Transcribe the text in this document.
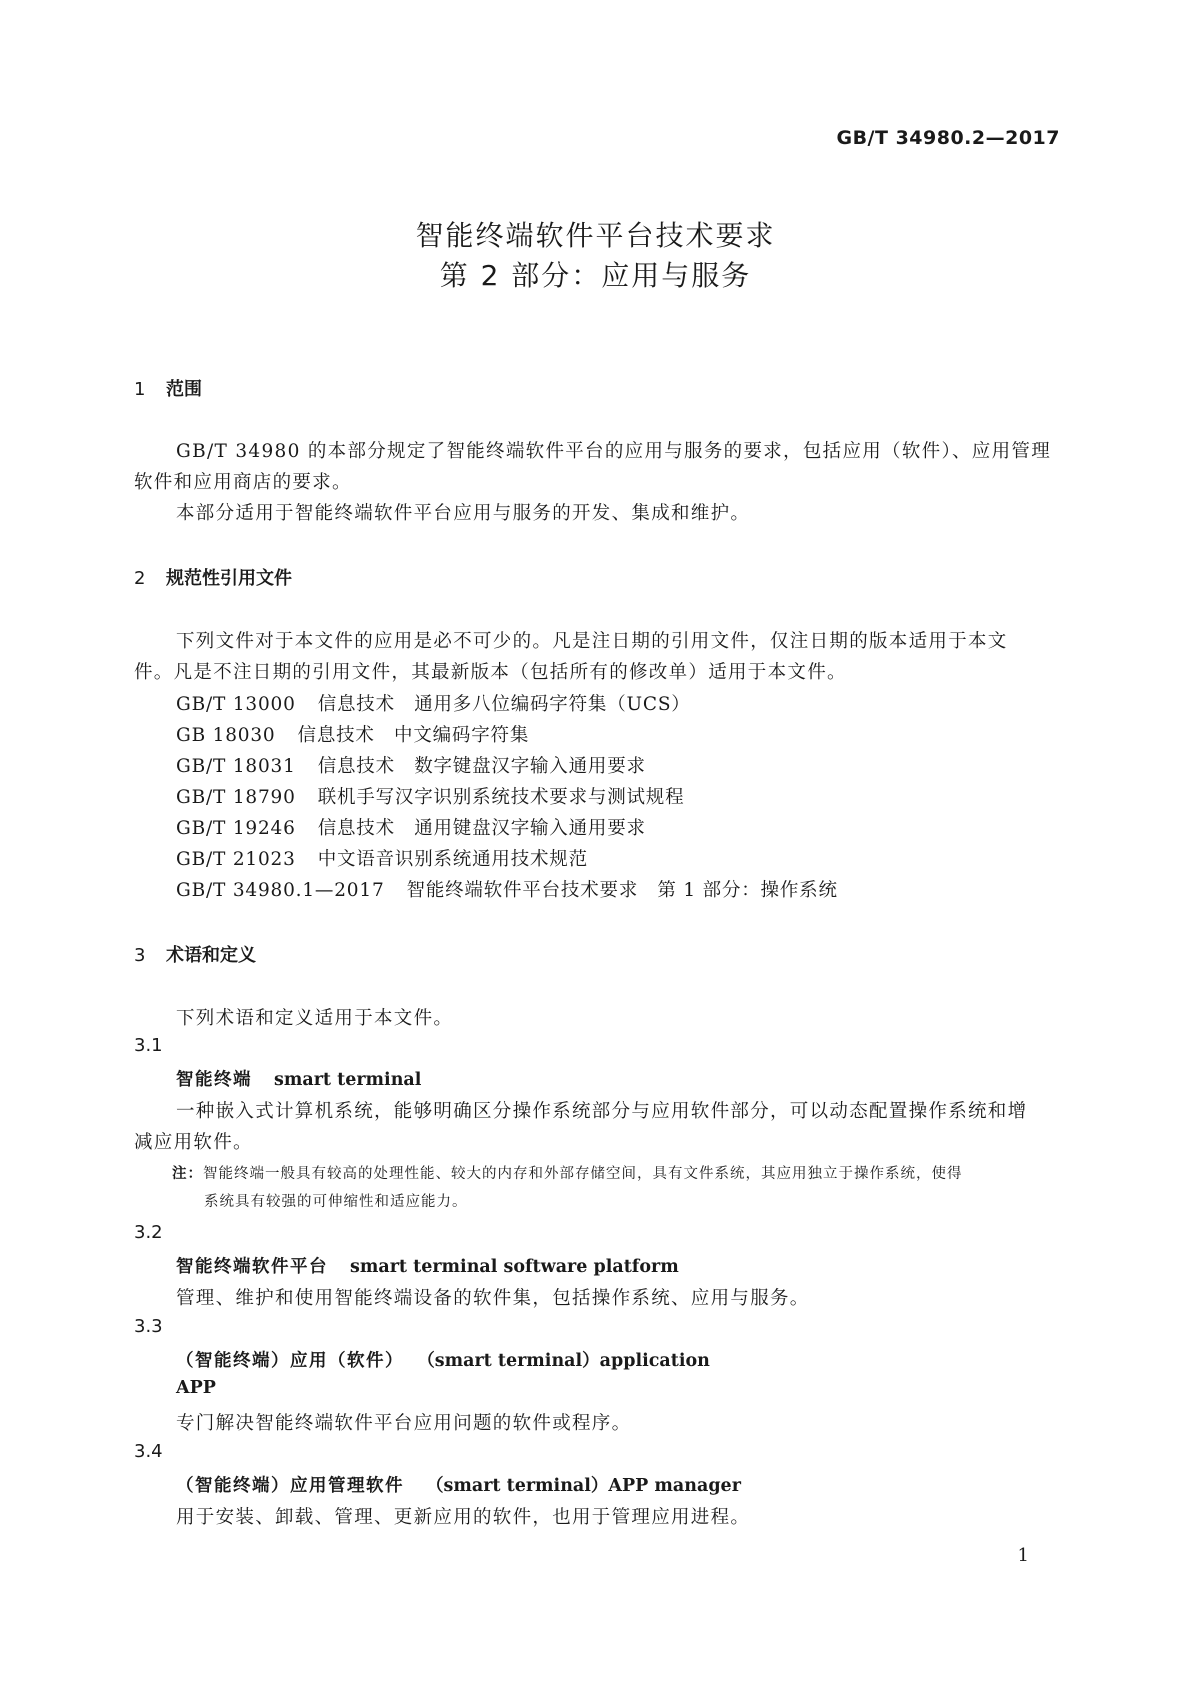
GB/T 34980.2—2017
智能终端软件平台技术要求
第 2 部分：应用与服务
1 范围
GB/T 34980 的本部分规定了智能终端软件平台的应用与服务的要求，包括应用（软件）、应用管理
软件和应用商店的要求。
本部分适用于智能终端软件平台应用与服务的开发、集成和维护。
2 规范性引用文件
下列文件对于本文件的应用是必不可少的。凡是注日期的引用文件，仅注日期的版本适用于本文
件。凡是不注日期的引用文件，其最新版本（包括所有的修改单）适用于本文件。
GB/T 13000 信息技术　通用多八位编码字符集（UCS）
GB 18030 信息技术　中文编码字符集
GB/T 18031 信息技术　数字键盘汉字输入通用要求
GB/T 18790 联机手写汉字识别系统技术要求与测试规程
GB/T 19246 信息技术　通用键盘汉字输入通用要求
GB/T 21023 中文语音识别系统通用技术规范
GB/T 34980.1—2017 智能终端软件平台技术要求　第 1 部分：操作系统
3 术语和定义
下列术语和定义适用于本文件。
3.1
智能终端 smart terminal
一种嵌入式计算机系统，能够明确区分操作系统部分与应用软件部分，可以动态配置操作系统和增
减应用软件。
注：智能终端一般具有较高的处理性能、较大的内存和外部存储空间，具有文件系统，其应用独立于操作系统，使得
系统具有较强的可伸缩性和适应能力。
3.2
智能终端软件平台 smart terminal software platform
管理、维护和使用智能终端设备的软件集，包括操作系统、应用与服务。
3.3
（智能终端）应用（软件） （smart terminal）application
APP
专门解决智能终端软件平台应用问题的软件或程序。
3.4
（智能终端）应用管理软件 （smart terminal）APP manager
用于安装、卸载、管理、更新应用的软件，也用于管理应用进程。
1
